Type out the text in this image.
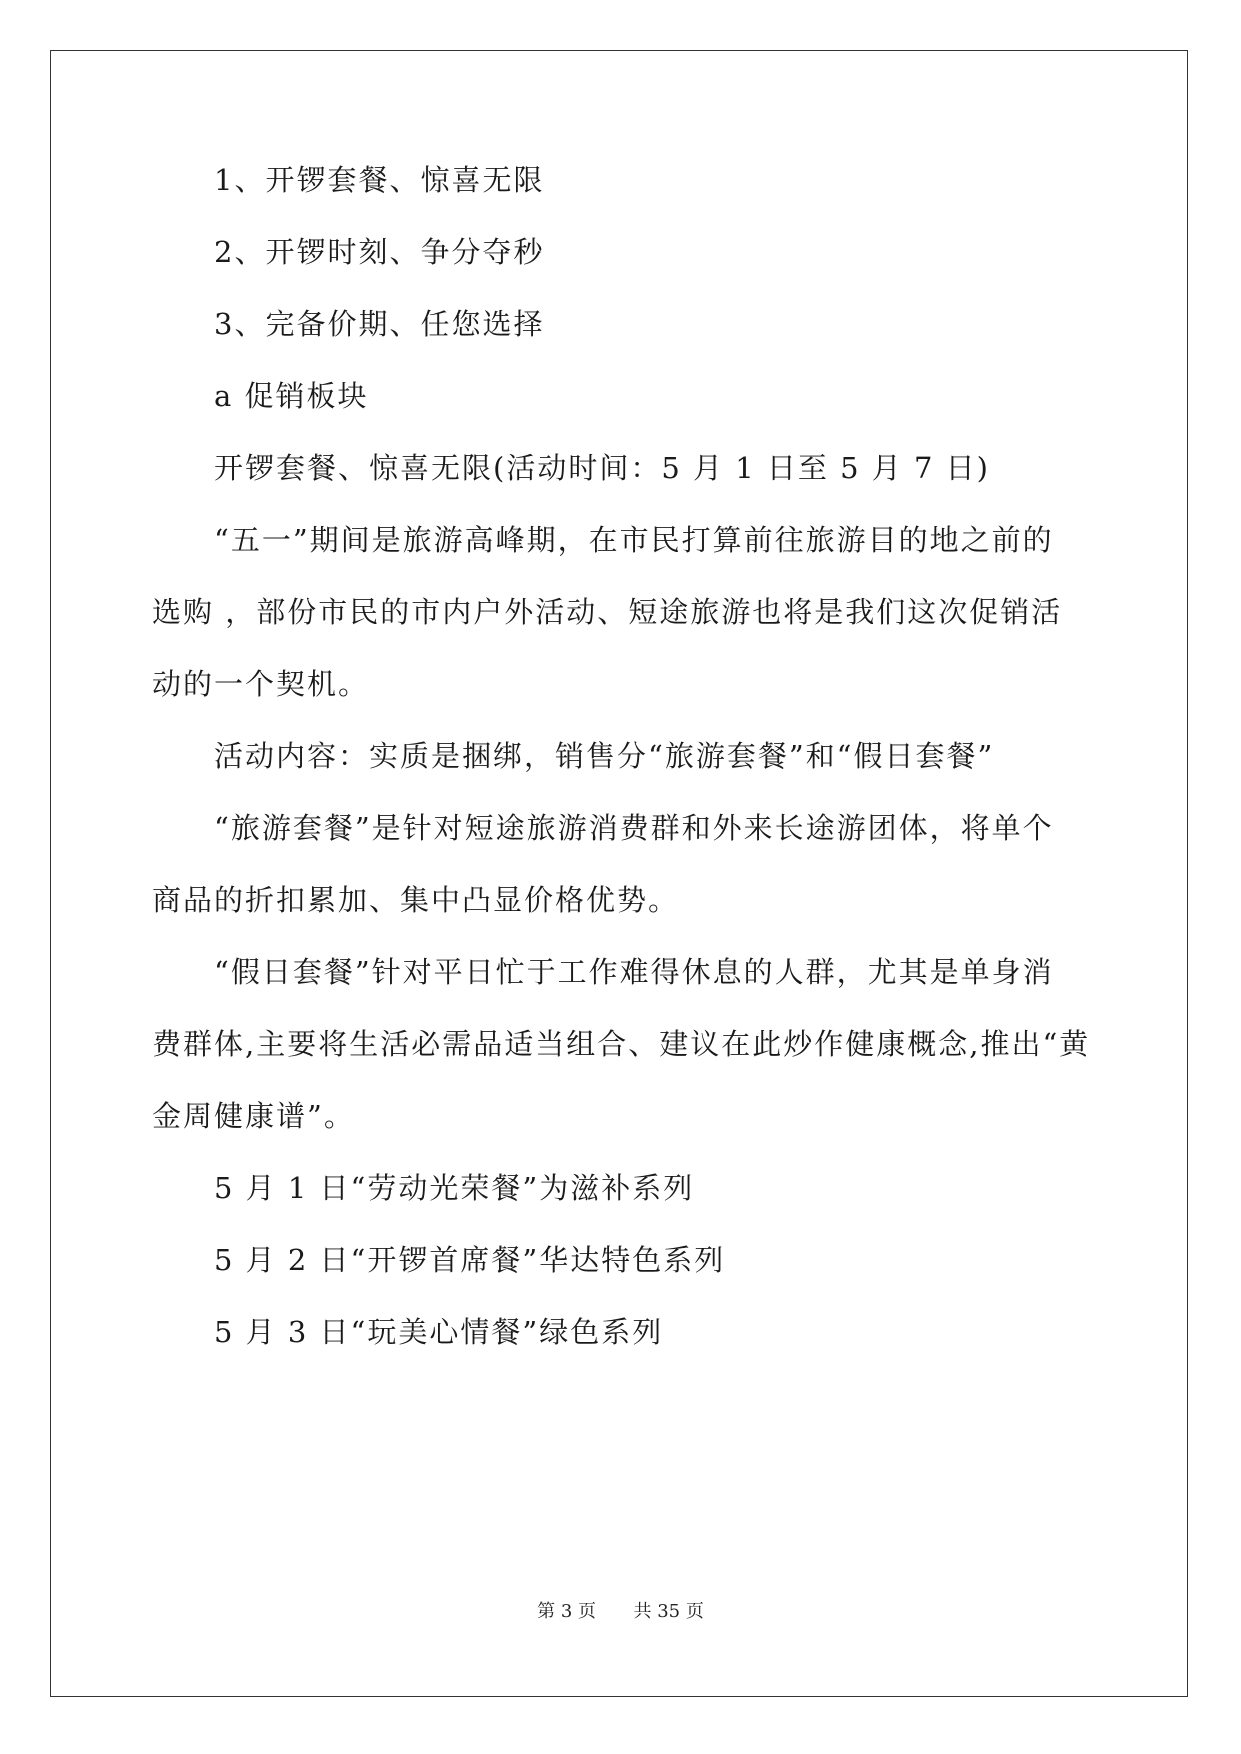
1、开锣套餐、惊喜无限
2、开锣时刻、争分夺秒
3、完备价期、任您选择
a 促销板块
开锣套餐、惊喜无限(活动时间：5 月 1 日至 5 月 7 日)
“五一”期间是旅游高峰期，在市民打算前往旅游目的地之前的
选购 ，部份市民的市内户外活动、短途旅游也将是我们这次促销活
动的一个契机。
活动内容：实质是捆绑，销售分“旅游套餐”和“假日套餐”
“旅游套餐”是针对短途旅游消费群和外来长途游团体，将单个
商品的折扣累加、集中凸显价格优势。
“假日套餐”针对平日忙于工作难得休息的人群，尤其是单身消
费群体,主要将生活必需品适当组合、建议在此炒作健康概念,推出“黄
金周健康谱”。
5 月 1 日“劳动光荣餐”为滋补系列
5 月 2 日“开锣首席餐”华达特色系列
5 月 3 日“玩美心情餐”绿色系列
第 3 页 共 35 页
